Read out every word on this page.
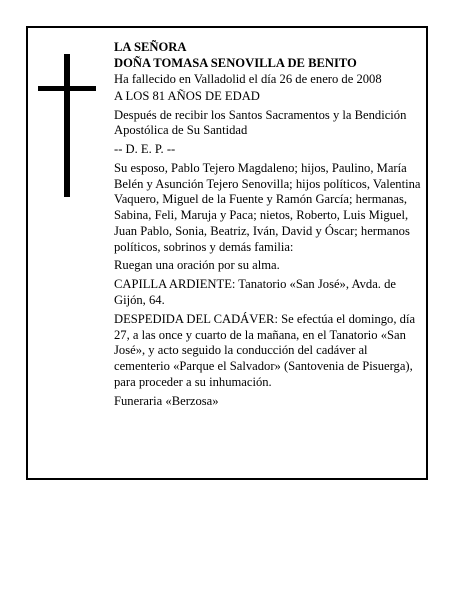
LA SEÑORA

DOÑA TOMASA SENOVILLA DE BENITO

Ha fallecido en Valladolid el día 26 de enero de 2008

A LOS 81 AÑOS DE EDAD

Después de recibir los Santos Sacramentos y la Bendición Apostólica de Su Santidad

-- D. E. P. --

Su esposo, Pablo Tejero Magdaleno; hijos, Paulino, María Belén y Asunción Tejero Senovilla; hijos políticos, Valentina Vaquero, Miguel de la Fuente y Ramón García; hermanas, Sabina, Feli, Maruja y Paca; nietos, Roberto, Luis Miguel, Juan Pablo, Sonia, Beatriz, Iván, David y Óscar; hermanos políticos, sobrinos y demás familia:

Ruegan una oración por su alma.

CAPILLA ARDIENTE: Tanatorio «San José», Avda. de Gijón, 64.

DESPEDIDA DEL CADÁVER: Se efectúa el domingo, día 27, a las once y cuarto de la mañana, en el Tanatorio «San José», y acto seguido la conducción del cadáver al cementerio «Parque el Salvador» (Santovenia de Pisuerga), para proceder a su inhumación.

Funeraria «Berzosa»
